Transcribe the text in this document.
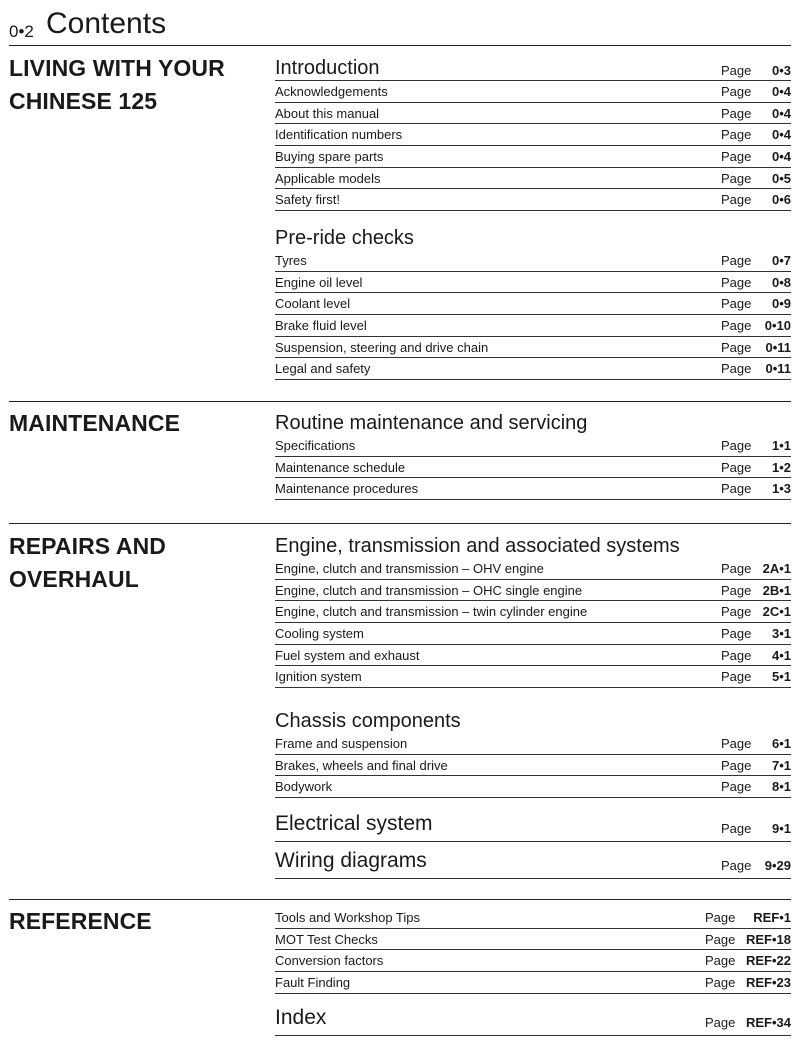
0•2 Contents
LIVING WITH YOUR
CHINESE 125
Introduction	Page 0•3
Acknowledgements	Page 0•4
About this manual	Page 0•4
Identification numbers	Page 0•4
Buying spare parts	Page 0•4
Applicable models	Page 0•5
Safety first!	Page 0•6
Pre-ride checks
Tyres	Page 0•7
Engine oil level	Page 0•8
Coolant level	Page 0•9
Brake fluid level	Page 0•10
Suspension, steering and drive chain	Page 0•11
Legal and safety	Page 0•11
MAINTENANCE	Routine maintenance and servicing
Specifications	Page 1•1
Maintenance schedule	Page 1•2
Maintenance procedures	Page 1•3
REPAIRS AND
OVERHAUL
Engine, transmission and associated systems
Engine, clutch and transmission – OHV engine	Page 2A•1
Engine, clutch and transmission – OHC single engine	Page 2B•1
Engine, clutch and transmission – twin cylinder engine	Page 2C•1
Cooling system	Page 3•1
Fuel system and exhaust	Page 4•1
Ignition system	Page 5•1
Chassis components
Frame and suspension	Page 6•1
Brakes, wheels and final drive	Page 7•1
Bodywork	Page 8•1
Electrical system	Page 9•1
Wiring diagrams	Page 9•29
REFERENCE	Tools and Workshop Tips	Page REF•1
MOT Test Checks	Page REF•18
Conversion factors	Page REF•22
Fault Finding	Page REF•23
Index	Page REF•34
